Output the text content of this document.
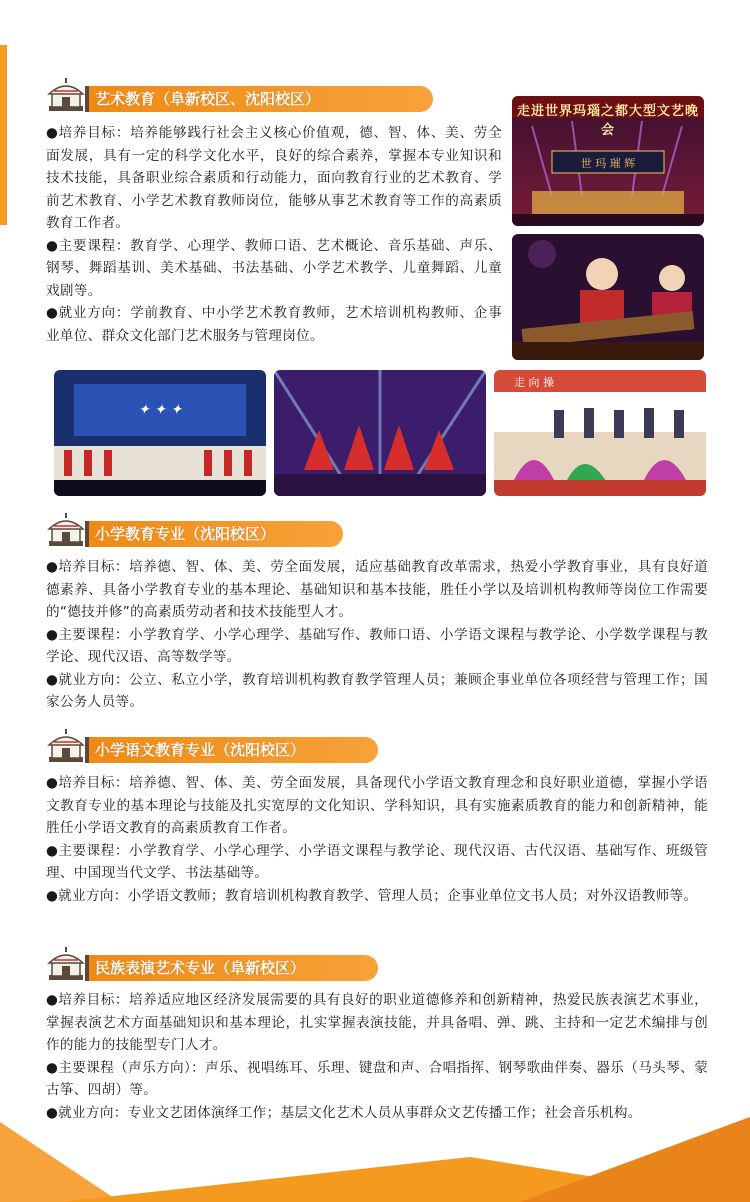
艺术教育（阜新校区、沈阳校区）

●培养目标：培养能够践行社会主义核心价值观，德、智、体、美、劳全面发展，具有一定的科学文化水平，良好的综合素养，掌握本专业知识和技术技能，具备职业综合素质和行动能力，面向教育行业的艺术教育、学前艺术教育、小学艺术教育教师岗位，能够从事艺术教育等工作的高素质教育工作者。

●主要课程：教育学、心理学、教师口语、艺术概论、音乐基础、声乐、钢琴、舞蹈基训、美术基础、书法基础、小学艺术教学、儿童舞蹈、儿童戏剧等。

●就业方向：学前教育、中小学艺术教育教师，艺术培训机构教师、企事业单位、群众文化部门艺术服务与管理岗位。

世 玛 璀 辉
走进世界玛瑙之都大型文艺晚会
✦ ✦ ✦
走 向 操
小学教育专业（沈阳校区）

●培养目标：培养德、智、体、美、劳全面发展，适应基础教育改革需求，热爱小学教育事业，具有良好道德素养、具备小学教育专业的基本理论、基础知识和基本技能，胜任小学以及培训机构教师等岗位工作需要的“德技并修”的高素质劳动者和技术技能型人才。

●主要课程：小学教育学、小学心理学、基础写作、教师口语、小学语文课程与教学论、小学数学课程与教学论、现代汉语、高等数学等。

●就业方向：公立、私立小学，教育培训机构教育教学管理人员；兼顾企事业单位各项经营与管理工作；国家公务人员等。

小学语文教育专业（沈阳校区）

●培养目标：培养德、智、体、美、劳全面发展，具备现代小学语文教育理念和良好职业道德，掌握小学语文教育专业的基本理论与技能及扎实宽厚的文化知识、学科知识，具有实施素质教育的能力和创新精神，能胜任小学语文教育的高素质教育工作者。

●主要课程：小学教育学、小学心理学、小学语文课程与教学论、现代汉语、古代汉语、基础写作、班级管理、中国现当代文学、书法基础等。

●就业方向：小学语文教师；教育培训机构教育教学、管理人员；企事业单位文书人员；对外汉语教师等。

民族表演艺术专业（阜新校区）

●培养目标：培养适应地区经济发展需要的具有良好的职业道德修养和创新精神，热爱民族表演艺术事业，掌握表演艺术方面基础知识和基本理论，扎实掌握表演技能，并具备唱、弹、跳、主持和一定艺术编排与创作的能力的技能型专门人才。

●主要课程（声乐方向）：声乐、视唱练耳、乐理、键盘和声、合唱指挥、钢琴歌曲伴奏、器乐（马头琴、蒙古筝、四胡）等。

●就业方向：专业文艺团体演绎工作；基层文化艺术人员从事群众文艺传播工作；社会音乐机构。
